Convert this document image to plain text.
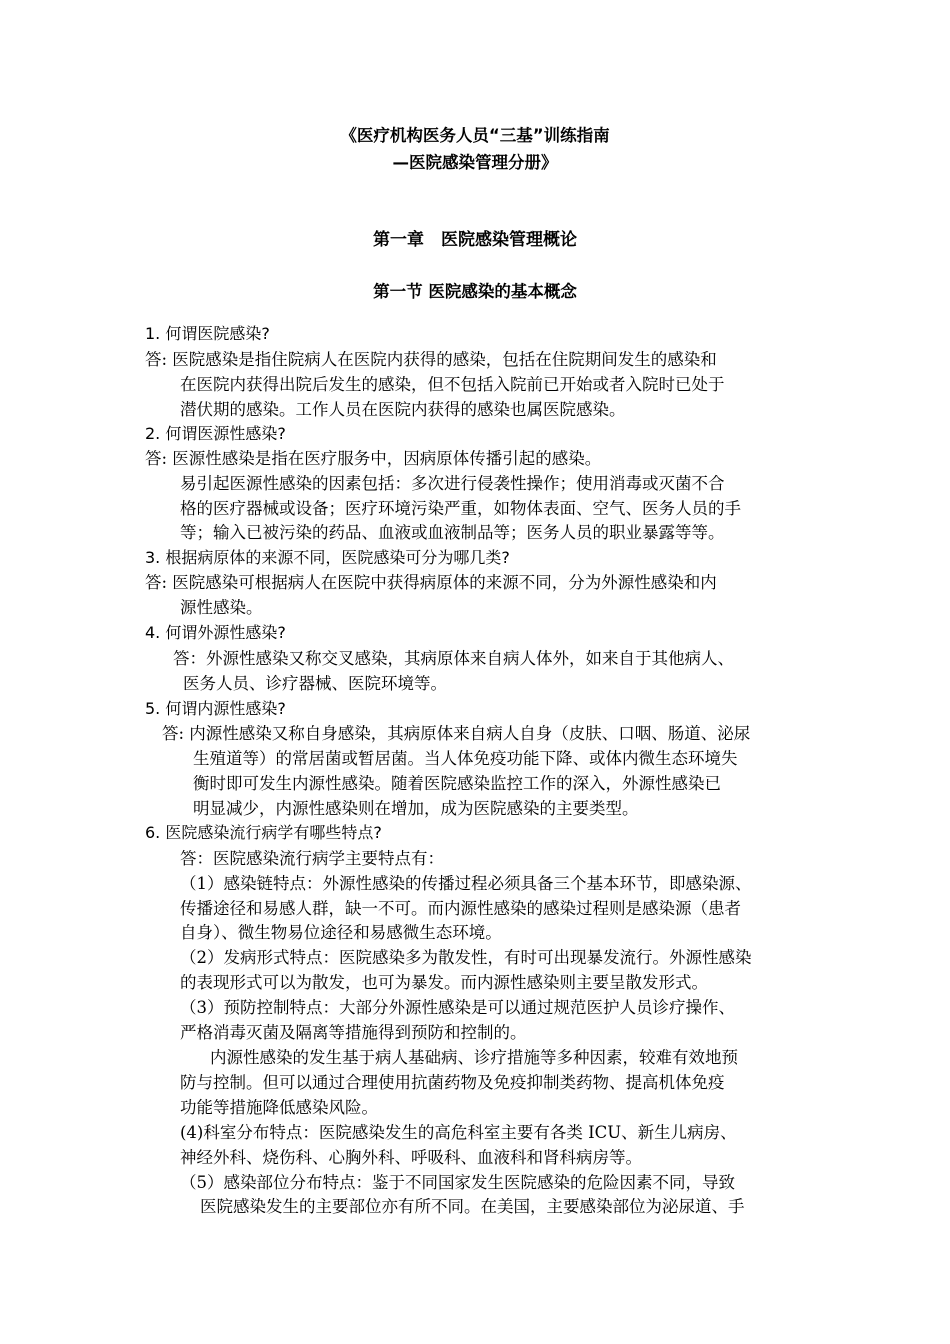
《医疗机构医务人员“三基”训练指南
—医院感染管理分册》
第一章　医院感染管理概论
第一节 医院感染的基本概念
1. 何谓医院感染?
答: 医院感染是指住院病人在医院内获得的感染，包括在住院期间发生的感染和
在医院内获得出院后发生的感染，但不包括入院前已开始或者入院时已处于
潜伏期的感染。工作人员在医院内获得的感染也属医院感染。
2. 何谓医源性感染?
答: 医源性感染是指在医疗服务中，因病原体传播引起的感染。
易引起医源性感染的因素包括：多次进行侵袭性操作；使用消毒或灭菌不合
格的医疗器械或设备；医疗环境污染严重，如物体表面、空气、医务人员的手
等；输入已被污染的药品、血液或血液制品等；医务人员的职业暴露等等。
3. 根据病原体的来源不同，医院感染可分为哪几类?
答: 医院感染可根据病人在医院中获得病原体的来源不同，分为外源性感染和内
源性感染。
4. 何谓外源性感染?
答：外源性感染又称交叉感染，其病原体来自病人体外，如来自于其他病人、
医务人员、诊疗器械、医院环境等。
5. 何谓内源性感染?
答: 内源性感染又称自身感染，其病原体来自病人自身（皮肤、口咽、肠道、泌尿
生殖道等）的常居菌或暂居菌。当人体免疫功能下降、或体内微生态环境失
衡时即可发生内源性感染。随着医院感染监控工作的深入，外源性感染已
明显减少，内源性感染则在增加，成为医院感染的主要类型。
6. 医院感染流行病学有哪些特点?
答：医院感染流行病学主要特点有：
（1）感染链特点：外源性感染的传播过程必须具备三个基本环节，即感染源、
传播途径和易感人群，缺一不可。而内源性感染的感染过程则是感染源（患者
自身）、微生物易位途径和易感微生态环境。
（2）发病形式特点：医院感染多为散发性，有时可出现暴发流行。外源性感染
的表现形式可以为散发，也可为暴发。而内源性感染则主要呈散发形式。
（3）预防控制特点：大部分外源性感染是可以通过规范医护人员诊疗操作、
严格消毒灭菌及隔离等措施得到预防和控制的。
内源性感染的发生基于病人基础病、诊疗措施等多种因素，较难有效地预
防与控制。但可以通过合理使用抗菌药物及免疫抑制类药物、提高机体免疫
功能等措施降低感染风险。
(4)科室分布特点：医院感染发生的高危科室主要有各类 ICU、新生儿病房、
神经外科、烧伤科、心胸外科、呼吸科、血液科和肾科病房等。
（5）感染部位分布特点：鉴于不同国家发生医院感染的危险因素不同，导致
医院感染发生的主要部位亦有所不同。在美国，主要感染部位为泌尿道、手
